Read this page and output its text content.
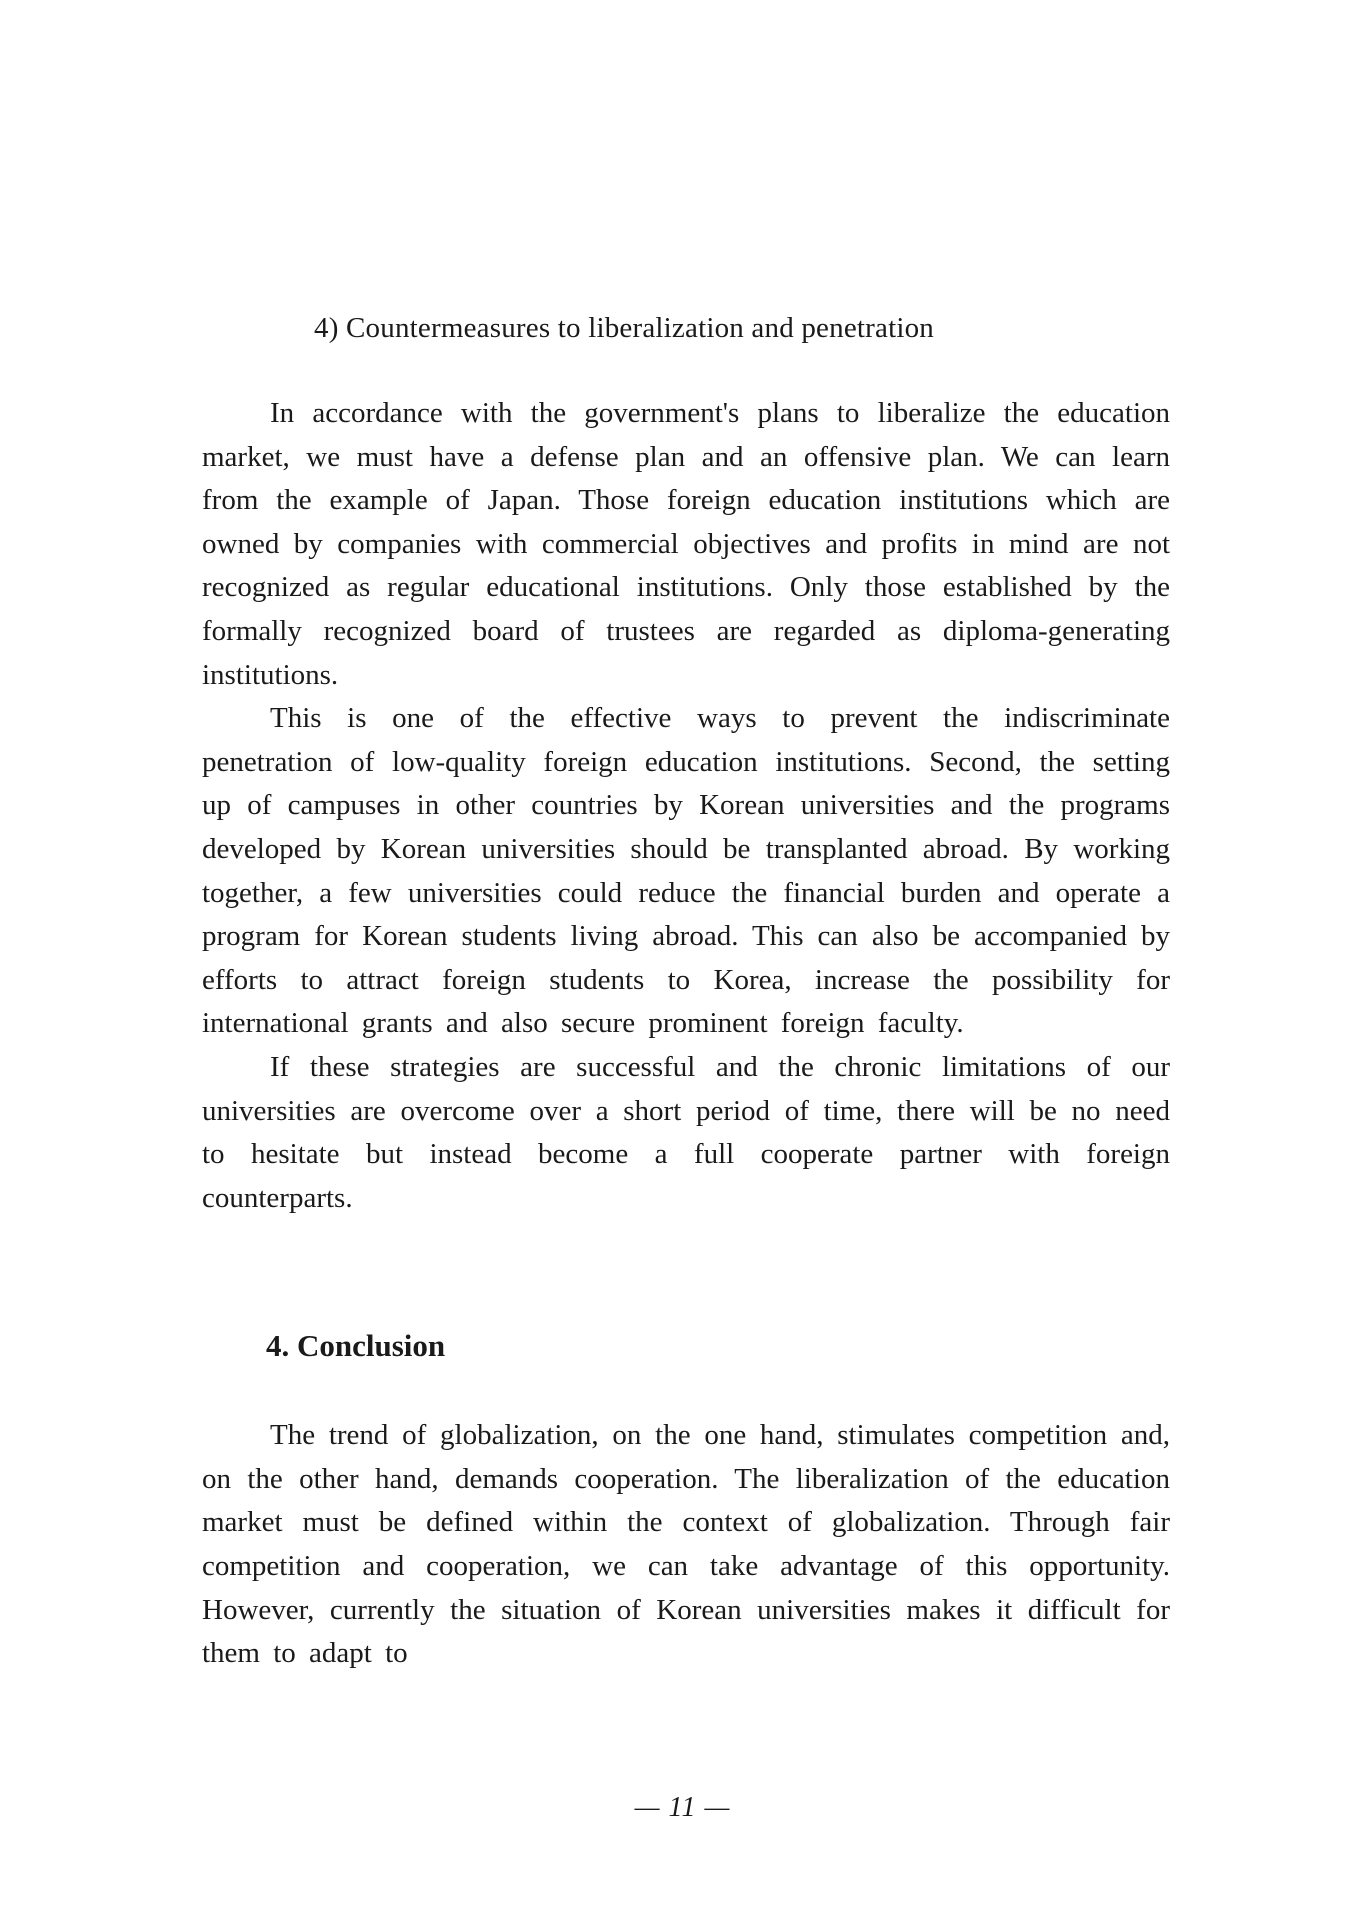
4) Countermeasures to liberalization and penetration

In accordance with the government's plans to liberalize the education market, we must have a defense plan and an offensive plan. We can learn from the example of Japan. Those foreign education institutions which are owned by companies with commercial objectives and profits in mind are not recognized as regular educational institutions. Only those established by the formally recognized board of trustees are regarded as diploma-generating institutions.

This is one of the effective ways to prevent the indiscriminate penetration of low-quality foreign education institutions. Second, the setting up of campuses in other countries by Korean universities and the programs developed by Korean universities should be transplanted abroad. By working together, a few universities could reduce the financial burden and operate a program for Korean students living abroad. This can also be accompanied by efforts to attract foreign students to Korea, increase the possibility for international grants and also secure prominent foreign faculty.

If these strategies are successful and the chronic limitations of our universities are overcome over a short period of time, there will be no need to hesitate but instead become a full cooperate partner with foreign counterparts.

4. Conclusion

The trend of globalization, on the one hand, stimulates competition and, on the other hand, demands cooperation. The liberalization of the education market must be defined within the context of globalization. Through fair competition and cooperation, we can take advantage of this opportunity. However, currently the situation of Korean universities makes it difficult for them to adapt to

— 11 —
